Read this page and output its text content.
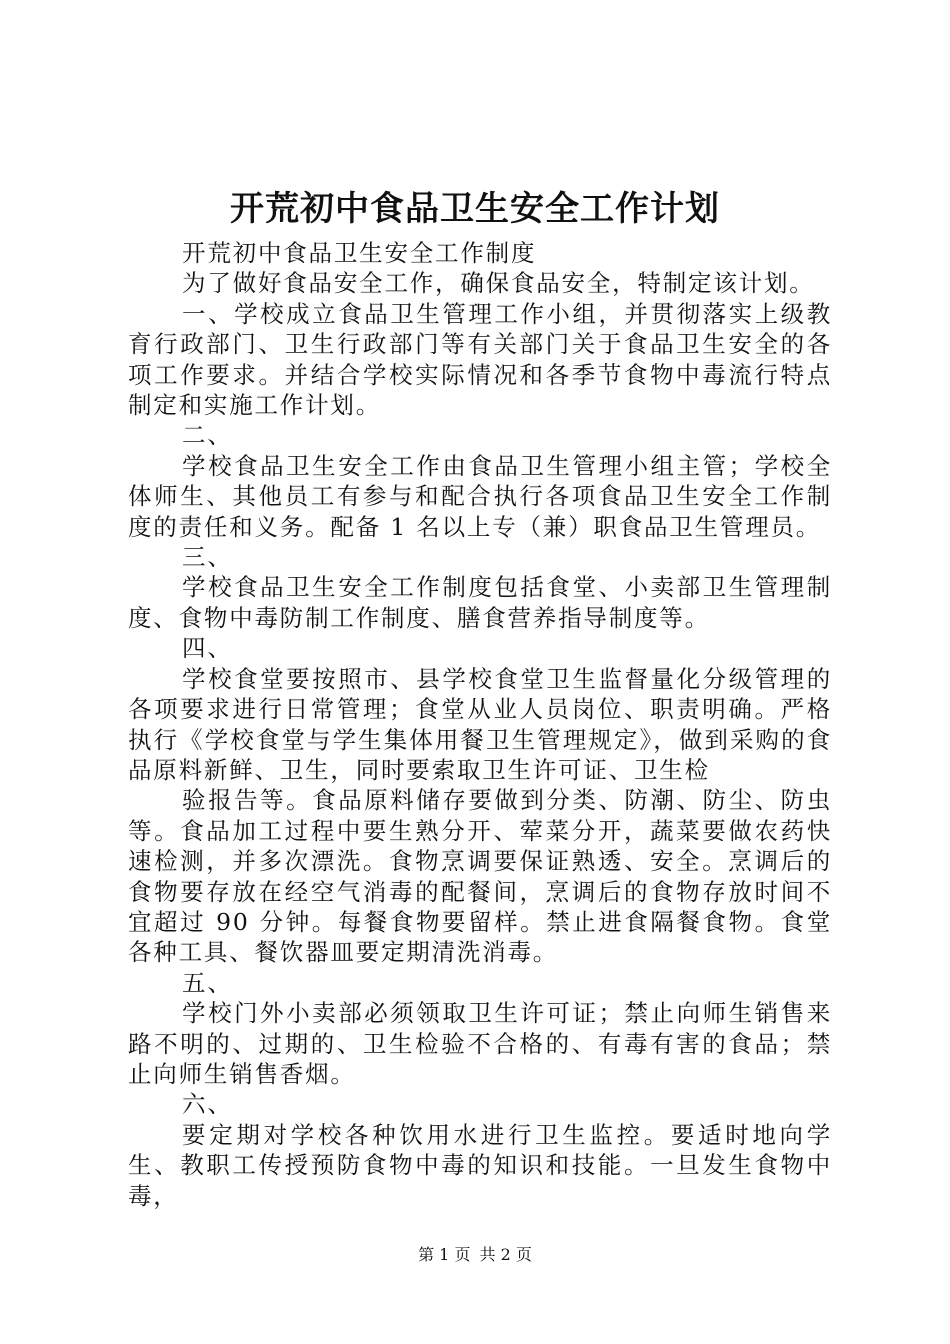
开荒初中食品卫生安全工作计划

开荒初中食品卫生安全工作制度

为了做好食品安全工作，确保食品安全，特制定该计划。

一、学校成立食品卫生管理工作小组，并贯彻落实上级教育行政部门、卫生行政部门等有关部门关于食品卫生安全的各项工作要求。并结合学校实际情况和各季节食物中毒流行特点制定和实施工作计划。

二、

学校食品卫生安全工作由食品卫生管理小组主管；学校全体师生、其他员工有参与和配合执行各项食品卫生安全工作制度的责任和义务。配备 1 名以上专（兼）职食品卫生管理员。

三、

学校食品卫生安全工作制度包括食堂、小卖部卫生管理制度、食物中毒防制工作制度、膳食营养指导制度等。

四、

学校食堂要按照市、县学校食堂卫生监督量化分级管理的各项要求进行日常管理；食堂从业人员岗位、职责明确。严格执行《学校食堂与学生集体用餐卫生管理规定》，做到采购的食品原料新鲜、卫生，同时要索取卫生许可证、卫生检

验报告等。食品原料储存要做到分类、防潮、防尘、防虫等。食品加工过程中要生熟分开、荤菜分开，蔬菜要做农药快速检测，并多次漂洗。食物烹调要保证熟透、安全。烹调后的食物要存放在经空气消毒的配餐间，烹调后的食物存放时间不宜超过 90 分钟。每餐食物要留样。禁止进食隔餐食物。食堂各种工具、餐饮器皿要定期清洗消毒。

五、

学校门外小卖部必须领取卫生许可证；禁止向师生销售来路不明的、过期的、卫生检验不合格的、有毒有害的食品；禁止向师生销售香烟。

六、

要定期对学校各种饮用水进行卫生监控。要适时地向学生、教职工传授预防食物中毒的知识和技能。一旦发生食物中毒，

第 1 页 共 2 页
